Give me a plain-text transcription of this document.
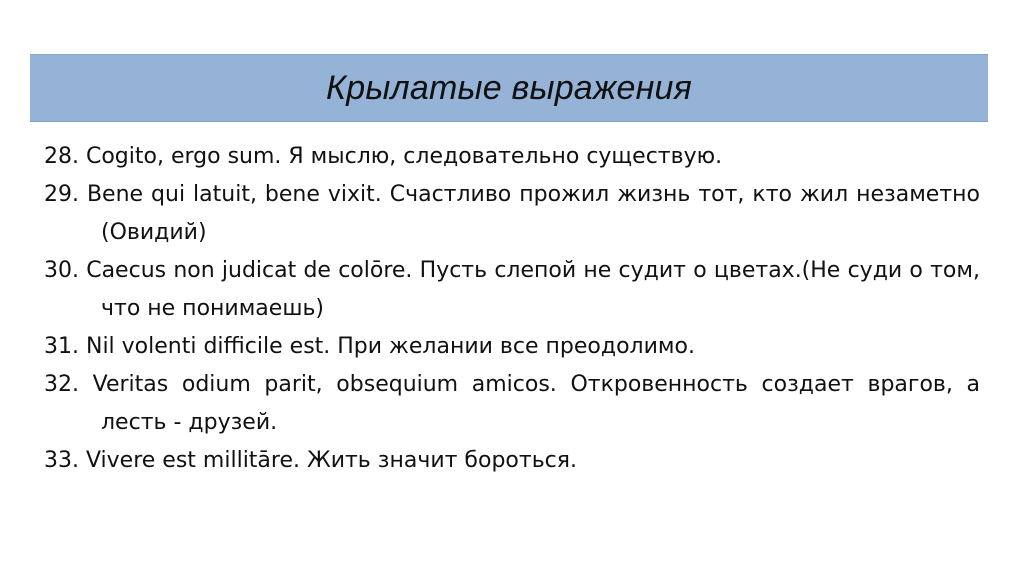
Крылатые выражения

28. Cogito, ergo sum. Я мыслю, следовательно существую.

29. Bene qui latuit, bene vixit. Счастливо прожил жизнь тот, кто жил незаметно (Овидий)

30. Caecus non judicat de colōre. Пусть слепой не судит о цветах.(Не суди о том, что не понимаешь)

31. Nil volenti difficile est. При желании все преодолимо.

32. Veritas odium parit, obsequium amicos. Откровенность создает врагов, а лесть - друзей.

33. Vivere est millitāre. Жить значит бороться.
